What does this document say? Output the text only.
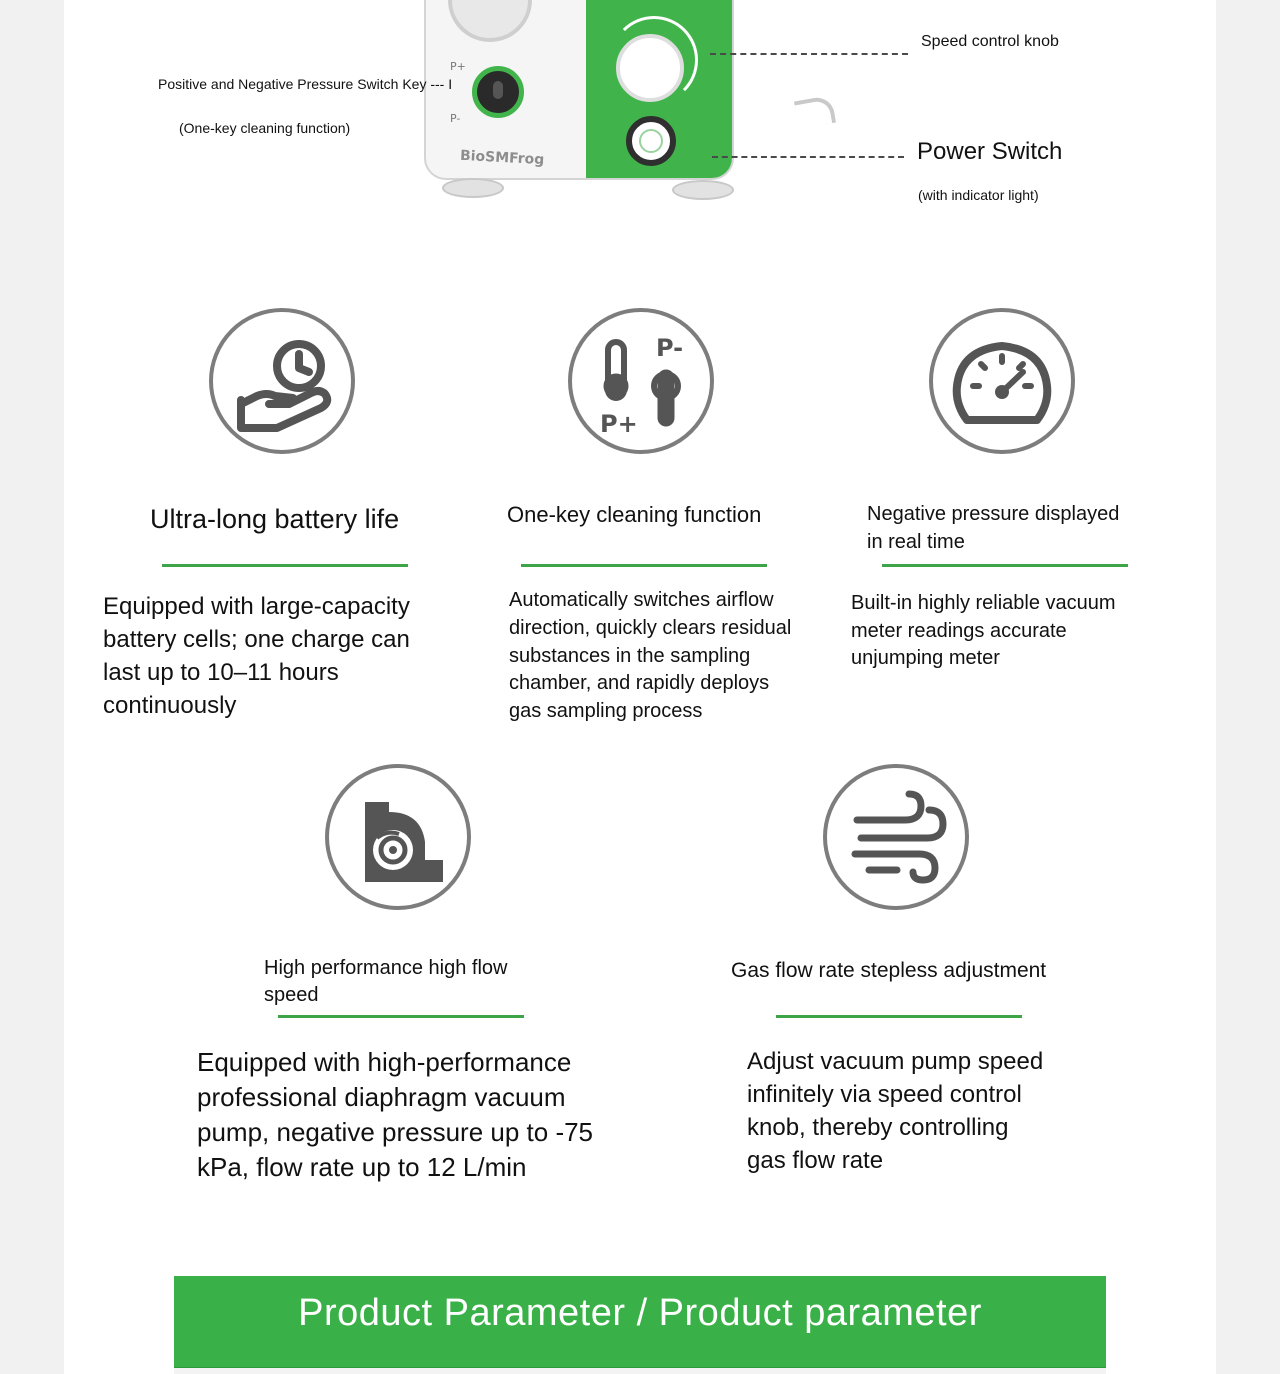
P+
P-
BioSMFrog
Positive and Negative Pressure Switch Key --- I
(One-key cleaning function)
Speed control knob
Power Switch
(with indicator light)
Ultra-long battery life
Equipped with large-capacity battery cells; one charge can last up to 10–11 hours continuously
P-
P+
One-key cleaning function
Automatically switches airflow direction, quickly clears residual substances in the sampling chamber, and rapidly deploys gas sampling process
Negative pressure displayed in real time
Built-in highly reliable vacuum meter readings accurate unjumping meter
High performance high flow speed
Equipped with high-performance professional diaphragm vacuum pump, negative pressure up to -75 kPa, flow rate up to 12 L/min
Gas flow rate stepless adjustment
Adjust vacuum pump speed infinitely via speed control knob, thereby controlling gas flow rate
Product Parameter / Product parameter
